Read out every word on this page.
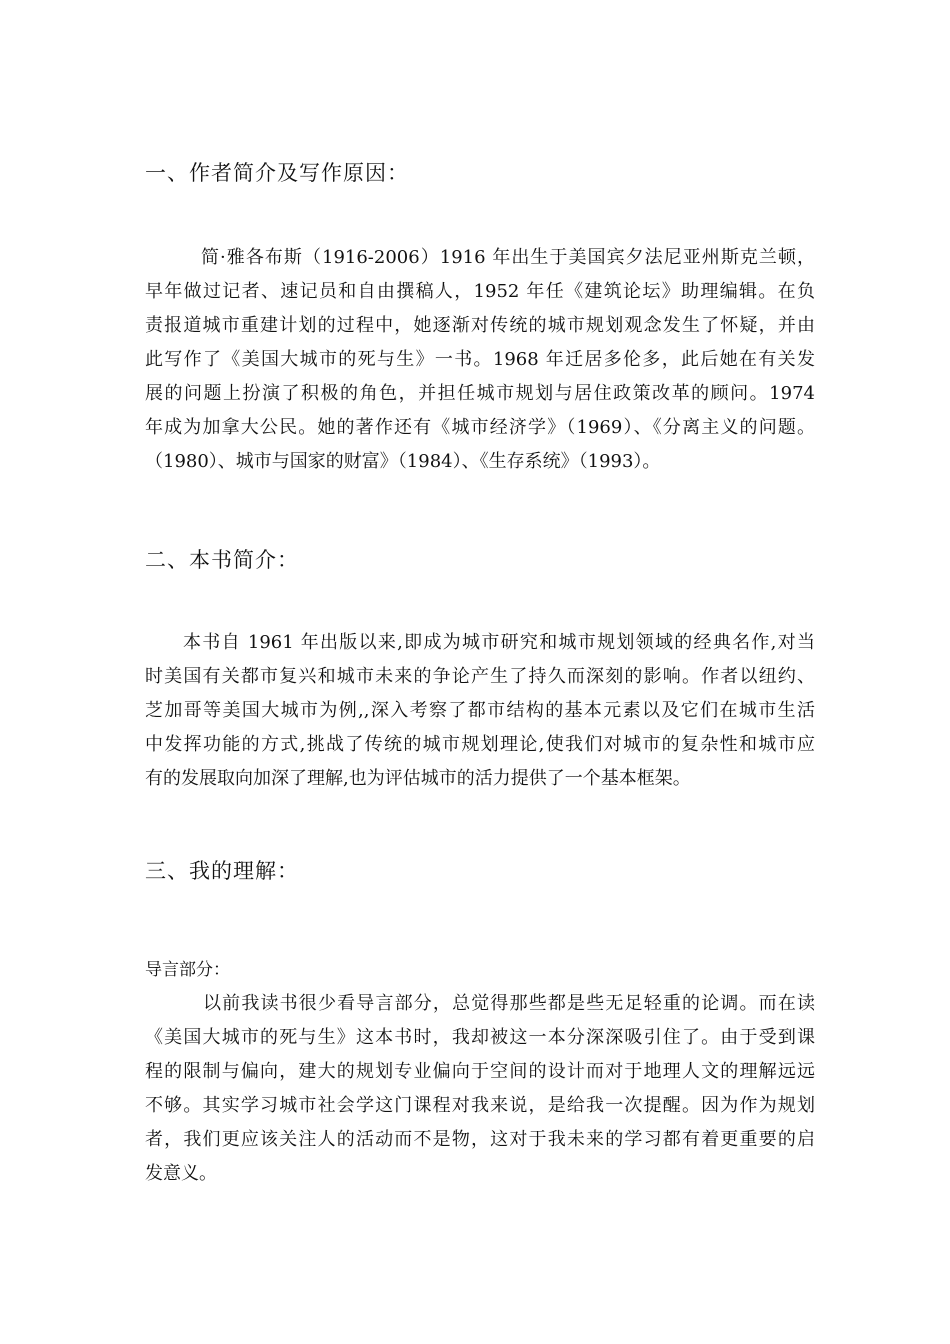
一、作者简介及写作原因：
简·雅各布斯（1916-2006）1916 年出生于美国宾夕法尼亚州斯克兰顿，
早年做过记者、速记员和自由撰稿人，1952 年任《建筑论坛》助理编辑。在负
责报道城市重建计划的过程中，她逐渐对传统的城市规划观念发生了怀疑，并由
此写作了《美国大城市的死与生》一书。1968 年迁居多伦多，此后她在有关发
展的问题上扮演了积极的角色，并担任城市规划与居住政策改革的顾问。1974
年成为加拿大公民。她的著作还有《城市经济学》（1969）、《分离主义的问题。
（1980）、城市与国家的财富》（1984）、《生存系统》（1993）。
二、本书简介：
本书自 1961 年出版以来,即成为城市研究和城市规划领域的经典名作,对当
时美国有关都市复兴和城市未来的争论产生了持久而深刻的影响。作者以纽约、
芝加哥等美国大城市为例,,深入考察了都市结构的基本元素以及它们在城市生活
中发挥功能的方式,挑战了传统的城市规划理论,使我们对城市的复杂性和城市应
有的发展取向加深了理解,也为评估城市的活力提供了一个基本框架。
三、我的理解：
导言部分：
以前我读书很少看导言部分，总觉得那些都是些无足轻重的论调。而在读
《美国大城市的死与生》这本书时，我却被这一本分深深吸引住了。由于受到课
程的限制与偏向，建大的规划专业偏向于空间的设计而对于地理人文的理解远远
不够。其实学习城市社会学这门课程对我来说，是给我一次提醒。因为作为规划
者，我们更应该关注人的活动而不是物，这对于我未来的学习都有着更重要的启
发意义。
